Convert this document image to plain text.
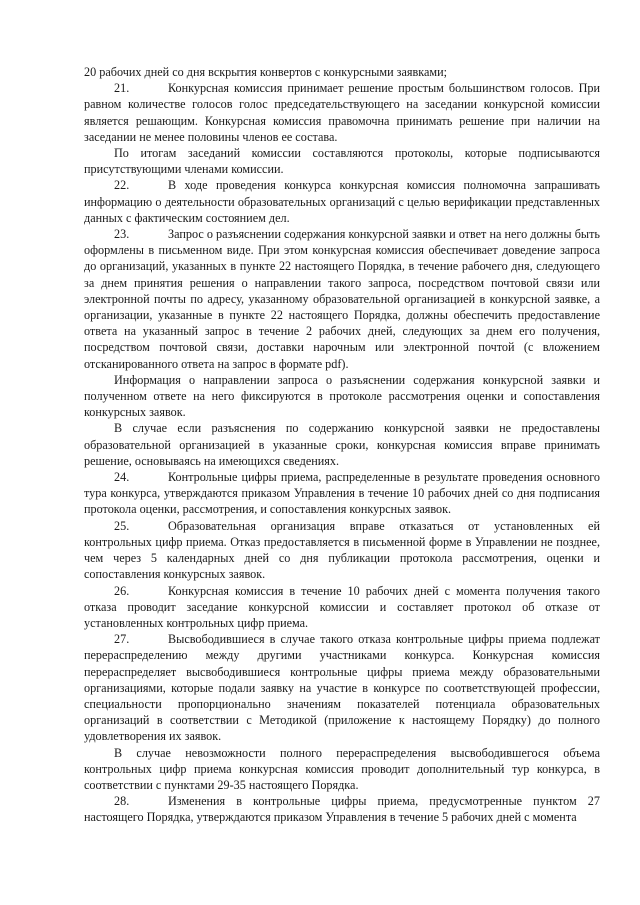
20 рабочих дней со дня вскрытия конвертов с конкурсными заявками;

21.	Конкурсная комиссия принимает решение простым большинством голосов. При равном количестве голосов голос председательствующего на заседании конкурсной комиссии является решающим. Конкурсная комиссия правомочна принимать решение при наличии на заседании не менее половины членов ее состава.

По итогам заседаний комиссии составляются протоколы, которые подписываются присутствующими членами комиссии.

22.	В ходе проведения конкурса конкурсная комиссия полномочна запрашивать информацию о деятельности образовательных организаций с целью верификации представленных данных с фактическим состоянием дел.

23.	Запрос о разъяснении содержания конкурсной заявки и ответ на него должны быть оформлены в письменном виде. При этом конкурсная комиссия обеспечивает доведение запроса до организаций, указанных в пункте 22 настоящего Порядка, в течение рабочего дня, следующего за днем принятия решения о направлении такого запроса, посредством почтовой связи или электронной почты по адресу, указанному образовательной организацией в конкурсной заявке, а организации, указанные в пункте 22 настоящего Порядка, должны обеспечить предоставление ответа на указанный запрос в течение 2 рабочих дней, следующих за днем его получения, посредством почтовой связи, доставки нарочным или электронной почтой (с вложением отсканированного ответа на запрос в формате pdf).

Информация о направлении запроса о разъяснении содержания конкурсной заявки и полученном ответе на него фиксируются в протоколе рассмотрения оценки и сопоставления конкурсных заявок.

В случае если разъяснения по содержанию конкурсной заявки не предоставлены образовательной организацией в указанные сроки, конкурсная комиссия вправе принимать решение, основываясь на имеющихся сведениях.

24.	Контрольные цифры приема, распределенные в результате проведения основного тура конкурса, утверждаются приказом Управления в течение 10 рабочих дней со дня подписания протокола оценки, рассмотрения, и сопоставления конкурсных заявок.

25.	Образовательная организация вправе отказаться от установленных ей контрольных цифр приема. Отказ предоставляется в письменной форме в Управлении не позднее, чем через 5 календарных дней со дня публикации протокола рассмотрения, оценки и сопоставления конкурсных заявок.

26.	Конкурсная комиссия в течение 10 рабочих дней с момента получения такого отказа проводит заседание конкурсной комиссии и составляет протокол об отказе от установленных контрольных цифр приема.

27.	Высвободившиеся в случае такого отказа контрольные цифры приема подлежат перераспределению между другими участниками конкурса. Конкурсная комиссия перераспределяет высвободившиеся контрольные цифры приема между образовательными организациями, которые подали заявку на участие в конкурсе по соответствующей профессии, специальности пропорционально значениям показателей потенциала образовательных организаций в соответствии с Методикой (приложение к настоящему Порядку) до полного удовлетворения их заявок.

В случае невозможности полного перераспределения высвободившегося объема контрольных цифр приема конкурсная комиссия проводит дополнительный тур конкурса, в соответствии с пунктами 29-35 настоящего Порядка.

28.	Изменения в контрольные цифры приема, предусмотренные пунктом 27 настоящего Порядка, утверждаются приказом Управления в течение 5 рабочих дней с момента
